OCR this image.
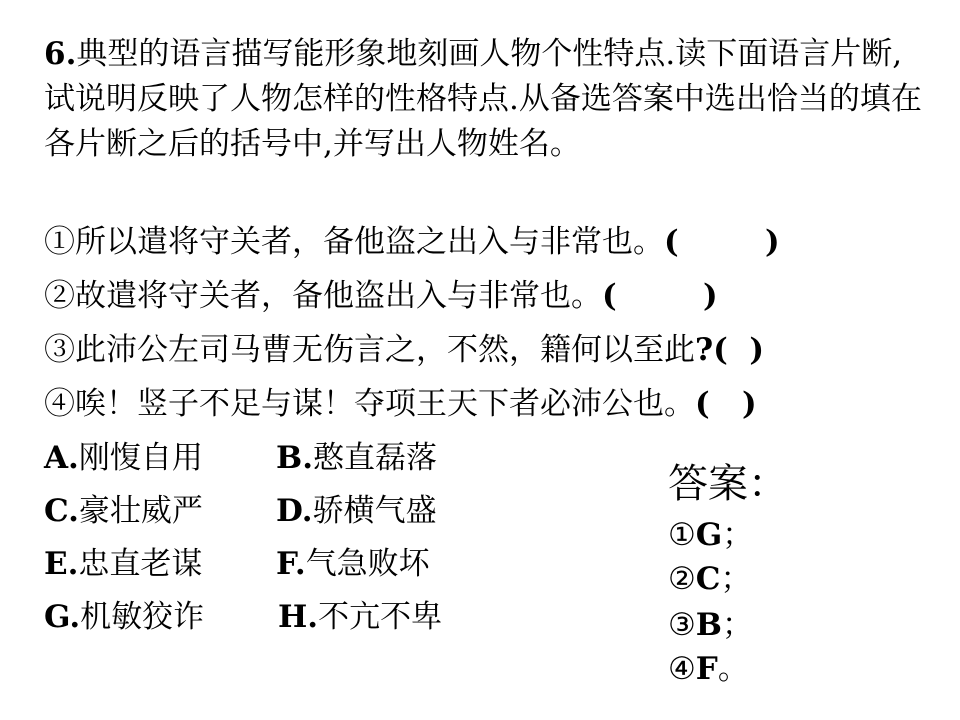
6.典型的语言描写能形象地刻画人物个性特点.读下面语言片断, 试说明反映了人物怎样的性格特点.从备选答案中选出恰当的填在各片断之后的括号中,并写出人物姓名。
①所以遣将守关者，备他盗之出入与非常也。(        )
②故遣将守关者，备他盗出入与非常也。(        )
③此沛公左司马曹无伤言之，不然，籍何以至此?(  )
④唉！竖子不足与谋！夺项王天下者必沛公也。(   )
A.刚愎自用 B.憨直磊落
C.豪壮威严 D.骄横气盛
E.忠直老谋 F.气急败坏
G.机敏狡诈 H.不亢不卑
答案：
①G；
②C；
③B；
④F。
